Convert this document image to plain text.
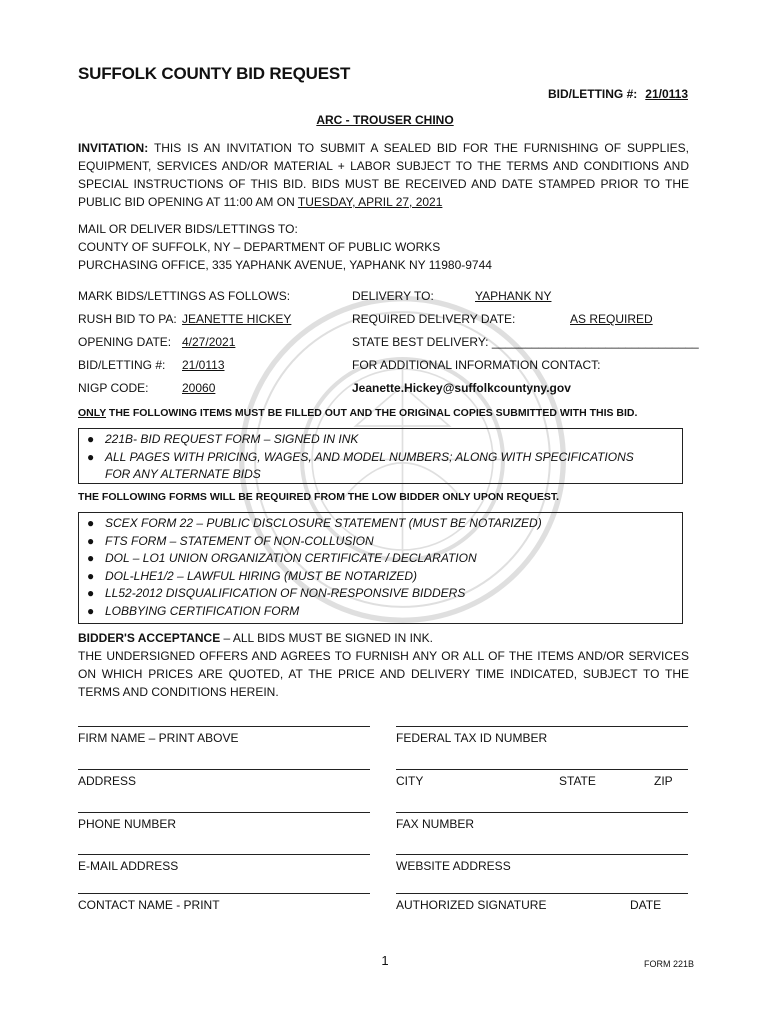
SUFFOLK COUNTY BID REQUEST
BID/LETTING #: 21/0113
ARC - TROUSER CHINO
INVITATION: THIS IS AN INVITATION TO SUBMIT A SEALED BID FOR THE FURNISHING OF SUPPLIES, EQUIPMENT, SERVICES AND/OR MATERIAL + LABOR SUBJECT TO THE TERMS AND CONDITIONS AND SPECIAL INSTRUCTIONS OF THIS BID. BIDS MUST BE RECEIVED AND DATE STAMPED PRIOR TO THE PUBLIC BID OPENING AT 11:00 AM ON TUESDAY, APRIL 27, 2021
MAIL OR DELIVER BIDS/LETTINGS TO:
COUNTY OF SUFFOLK, NY – DEPARTMENT OF PUBLIC WORKS
PURCHASING OFFICE, 335 YAPHANK AVENUE, YAPHANK NY 11980-9744
MARK BIDS/LETTINGS AS FOLLOWS:	DELIVERY TO:	YAPHANK NY
RUSH BID TO PA: JEANETTE HICKEY	REQUIRED DELIVERY DATE:	AS REQUIRED
OPENING DATE: 4/27/2021	STATE BEST DELIVERY: _______________________________
BID/LETTING #: 21/0113	FOR ADDITIONAL INFORMATION CONTACT:
NIGP CODE:	20060	Jeanette.Hickey@suffolkcountyny.gov
ONLY THE FOLLOWING ITEMS MUST BE FILLED OUT AND THE ORIGINAL COPIES SUBMITTED WITH THIS BID.
● 221B- BID REQUEST FORM – SIGNED IN INK
● ALL PAGES WITH PRICING, WAGES, AND MODEL NUMBERS; ALONG WITH SPECIFICATIONS FOR ANY ALTERNATE BIDS
THE FOLLOWING FORMS WILL BE REQUIRED FROM THE LOW BIDDER ONLY UPON REQUEST.
● SCEX FORM 22 – PUBLIC DISCLOSURE STATEMENT (MUST BE NOTARIZED)
● FTS FORM – STATEMENT OF NON-COLLUSION
● DOL – LO1 UNION ORGANIZATION CERTIFICATE / DECLARATION
● DOL-LHE1/2 – LAWFUL HIRING (MUST BE NOTARIZED)
● LL52-2012 DISQUALIFICATION OF NON-RESPONSIVE BIDDERS
● LOBBYING CERTIFICATION FORM
BIDDER'S ACCEPTANCE – ALL BIDS MUST BE SIGNED IN INK.
THE UNDERSIGNED OFFERS AND AGREES TO FURNISH ANY OR ALL OF THE ITEMS AND/OR SERVICES ON WHICH PRICES ARE QUOTED, AT THE PRICE AND DELIVERY TIME INDICATED, SUBJECT TO THE TERMS AND CONDITIONS HEREIN.
FIRM NAME – PRINT ABOVE	FEDERAL TAX ID NUMBER
ADDRESS	CITY	STATE	ZIP
PHONE NUMBER	FAX NUMBER
E-MAIL ADDRESS	WEBSITE ADDRESS
CONTACT NAME - PRINT	AUTHORIZED SIGNATURE	DATE
1	FORM 221B
